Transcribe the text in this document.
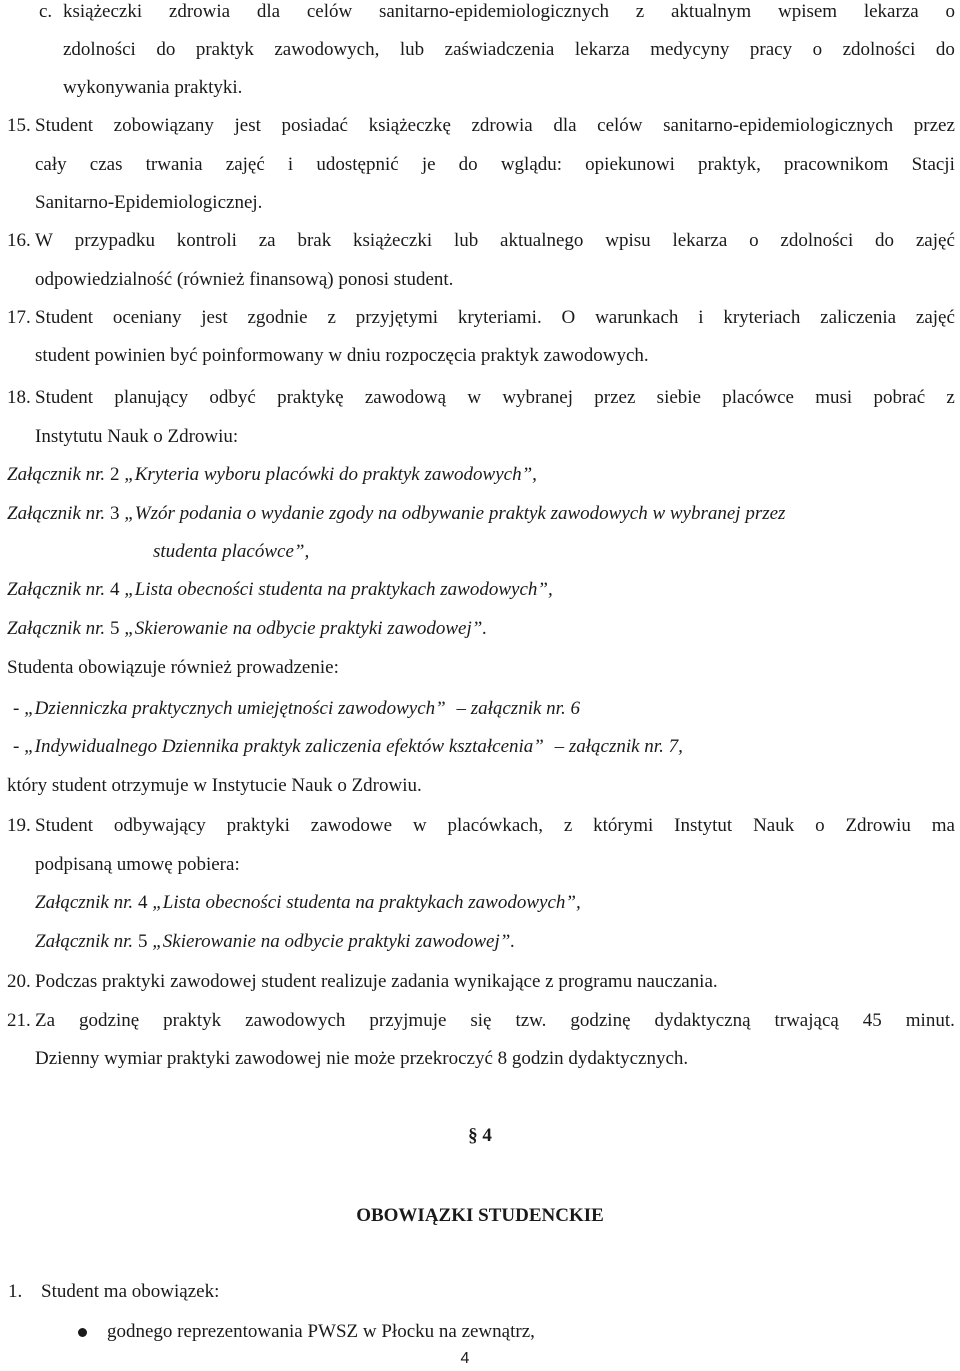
c. książeczki zdrowia dla celów sanitarno-epidemiologicznych z aktualnym wpisem lekarza o
zdolności do praktyk zawodowych, lub zaświadczenia lekarza medycyny pracy o zdolności do
wykonywania praktyki.
15. Student zobowiązany jest posiadać książeczkę zdrowia dla celów sanitarno-epidemiologicznych przez
cały czas trwania zajęć i udostępnić je do wglądu: opiekunowi praktyk, pracownikom Stacji
Sanitarno-Epidemiologicznej.
16. W przypadku kontroli za brak książeczki lub aktualnego wpisu lekarza o zdolności do zajęć
odpowiedzialność (również finansową) ponosi student.
17. Student oceniany jest zgodnie z przyjętymi kryteriami. O warunkach i kryteriach zaliczenia zajęć
student powinien być poinformowany w dniu rozpoczęcia praktyk zawodowych.
18. Student planujący odbyć praktykę zawodową w wybranej przez siebie placówce musi pobrać z
Instytutu Nauk o Zdrowiu:
Załącznik nr. 2 „Kryteria wyboru placówki do praktyk zawodowych”,
Załącznik nr. 3 „Wzór podania o wydanie zgody na odbywanie praktyk zawodowych w wybranej przez
studenta placówce”,
Załącznik nr. 4 „Lista obecności studenta na praktykach zawodowych”,
Załącznik nr. 5 „Skierowanie na odbycie praktyki zawodowej”.
Studenta obowiązuje również prowadzenie:
- „Dzienniczka praktycznych umiejętności zawodowych” – załącznik nr. 6
- „Indywidualnego Dziennika praktyk zaliczenia efektów kształcenia” – załącznik nr. 7,
który student otrzymuje w Instytucie Nauk o Zdrowiu.
19. Student odbywający praktyki zawodowe w placówkach, z którymi Instytut Nauk o Zdrowiu ma
podpisaną umowę pobiera:
Załącznik nr. 4 „Lista obecności studenta na praktykach zawodowych”,
Załącznik nr. 5 „Skierowanie na odbycie praktyki zawodowej”.
20. Podczas praktyki zawodowej student realizuje zadania wynikające z programu nauczania.
21. Za godzinę praktyk zawodowych przyjmuje się tzw. godzinę dydaktyczną trwającą 45 minut.
Dzienny wymiar praktyki zawodowej nie może przekroczyć 8 godzin dydaktycznych.
§ 4
OBOWIĄZKI STUDENCKIE
1. Student ma obowiązek:
godnego reprezentowania PWSZ w Płocku na zewnątrz,
4
